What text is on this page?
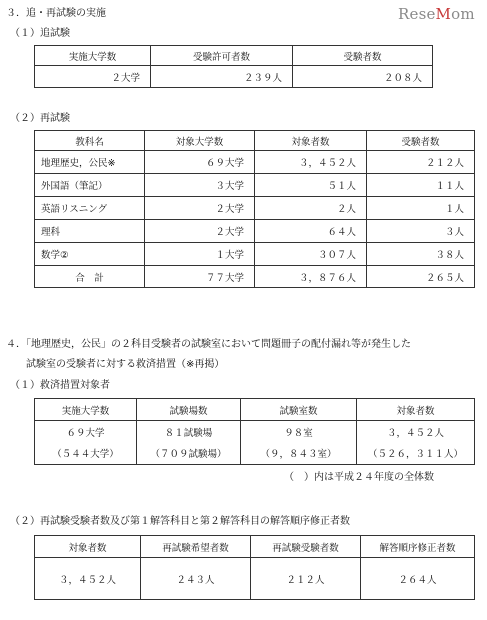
ReseMom
３．追・再試験の実施
（１）追試験
実施大学数	受験許可者数	受験者数
２大学	２３９人	２０８人
（２）再試験
教科名	対象大学数	対象者数	受験者数
地理歴史，公民※	６９大学	３，４５２人	２１２人
外国語（筆記）	３大学	５１人	１１人
英語リスニング	２大学	２人	１人
理科	２大学	６４人	３人
数学②	１大学	３０７人	３８人
合　計	７７大学	３，８７６人	２６５人
４．「地理歴史，公民」の２科目受験者の試験室において問題冊子の配付漏れ等が発生した
試験室の受験者に対する救済措置（※再掲）
（１）救済措置対象者
実施大学数	試験場数	試験室数	対象者数
６９大学	８１試験場	９８室	３，４５２人
（５４４大学）	（７０９試験場）	（９，８４３室）	（５２６，３１１人）
（　）内は平成２４年度の全体数
（２）再試験受験者数及び第１解答科目と第２解答科目の解答順序修正者数
対象者数	再試験希望者数	再試験受験者数	解答順序修正者数
３，４５２人	２４３人	２１２人	２６４人
